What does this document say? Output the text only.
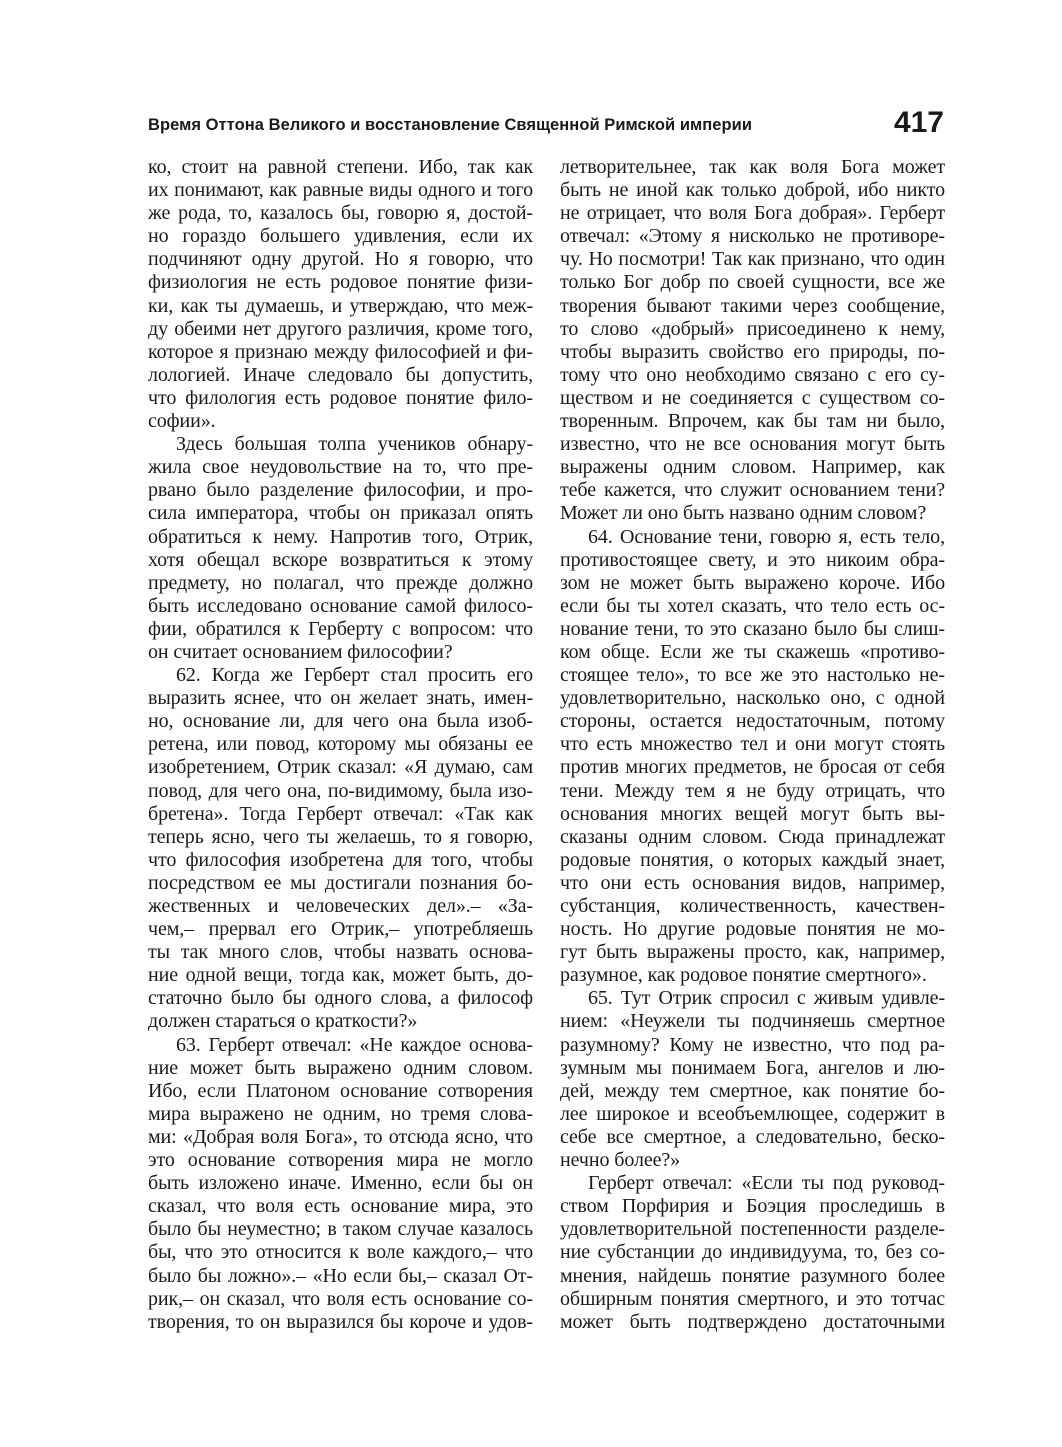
Время Оттона Великого и восстановление Священной Римской империи	417
ко, стоит на равной степени. Ибо, так как
их понимают, как равные виды одного и того
же рода, то, казалось бы, говорю я, достой-
но гораздо большего удивления, если их
подчиняют одну другой. Но я говорю, что
физиология не есть родовое понятие физи-
ки, как ты думаешь, и утверждаю, что меж-
ду обеими нет другого различия, кроме того,
которое я признаю между философией и фи-
лологией. Иначе следовало бы допустить,
что филология есть родовое понятие фило-
софии».
Здесь большая толпа учеников обнару-
жила свое неудовольствие на то, что пре-
рвано было разделение философии, и про-
сила императора, чтобы он приказал опять
обратиться к нему. Напротив того, Отрик,
хотя обещал вскоре возвратиться к этому
предмету, но полагал, что прежде должно
быть исследовано основание самой филосо-
фии, обратился к Герберту с вопросом: что
он считает основанием философии?
62. Когда же Герберт стал просить его
выразить яснее, что он желает знать, имен-
но, основание ли, для чего она была изоб-
ретена, или повод, которому мы обязаны ее
изобретением, Отрик сказал: «Я думаю, сам
повод, для чего она, по-видимому, была изо-
бретена». Тогда Герберт отвечал: «Так как
теперь ясно, чего ты желаешь, то я говорю,
что философия изобретена для того, чтобы
посредством ее мы достигали познания бо-
жественных и человеческих дел».– «За-
чем,– прервал его Отрик,– употребляешь
ты так много слов, чтобы назвать основа-
ние одной вещи, тогда как, может быть, до-
статочно было бы одного слова, а философ
должен стараться о краткости?»
63. Герберт отвечал: «Не каждое основа-
ние может быть выражено одним словом.
Ибо, если Платоном основание сотворения
мира выражено не одним, но тремя слова-
ми: «Добрая воля Бога», то отсюда ясно, что
это основание сотворения мира не могло
быть изложено иначе. Именно, если бы он
сказал, что воля есть основание мира, это
было бы неуместно; в таком случае казалось
бы, что это относится к воле каждого,– что
было бы ложно».– «Но если бы,– сказал От-
рик,– он сказал, что воля есть основание со-
творения, то он выразился бы короче и удов-
летворительнее, так как воля Бога может
быть не иной как только доброй, ибо никто
не отрицает, что воля Бога добрая». Герберт
отвечал: «Этому я нисколько не противоре-
чу. Но посмотри! Так как признано, что один
только Бог добр по своей сущности, все же
творения бывают такими через сообщение,
то слово «добрый» присоединено к нему,
чтобы выразить свойство его природы, по-
тому что оно необходимо связано с его су-
ществом и не соединяется с существом со-
творенным. Впрочем, как бы там ни было,
известно, что не все основания могут быть
выражены одним словом. Например, как
тебе кажется, что служит основанием тени?
Может ли оно быть названо одним словом?
64. Основание тени, говорю я, есть тело,
противостоящее свету, и это никоим обра-
зом не может быть выражено короче. Ибо
если бы ты хотел сказать, что тело есть ос-
нование тени, то это сказано было бы слиш-
ком обще. Если же ты скажешь «противо-
стоящее тело», то все же это настолько не-
удовлетворительно, насколько оно, с одной
стороны, остается недостаточным, потому
что есть множество тел и они могут стоять
против многих предметов, не бросая от себя
тени. Между тем я не буду отрицать, что
основания многих вещей могут быть вы-
сказаны одним словом. Сюда принадлежат
родовые понятия, о которых каждый знает,
что они есть основания видов, например,
субстанция, количественность, качествен-
ность. Но другие родовые понятия не мо-
гут быть выражены просто, как, например,
разумное, как родовое понятие смертного».
65. Тут Отрик спросил с живым удивле-
нием: «Неужели ты подчиняешь смертное
разумному? Кому не известно, что под ра-
зумным мы понимаем Бога, ангелов и лю-
дей, между тем смертное, как понятие бо-
лее широкое и всеобъемлющее, содержит в
себе все смертное, а следовательно, беско-
нечно более?»
Герберт отвечал: «Если ты под руковод-
ством Порфирия и Боэция проследишь в
удовлетворительной постепенности разделе-
ние субстанции до индивидуума, то, без со-
мнения, найдешь понятие разумного более
обширным понятия смертного, и это тотчас
может быть подтверждено достаточными
